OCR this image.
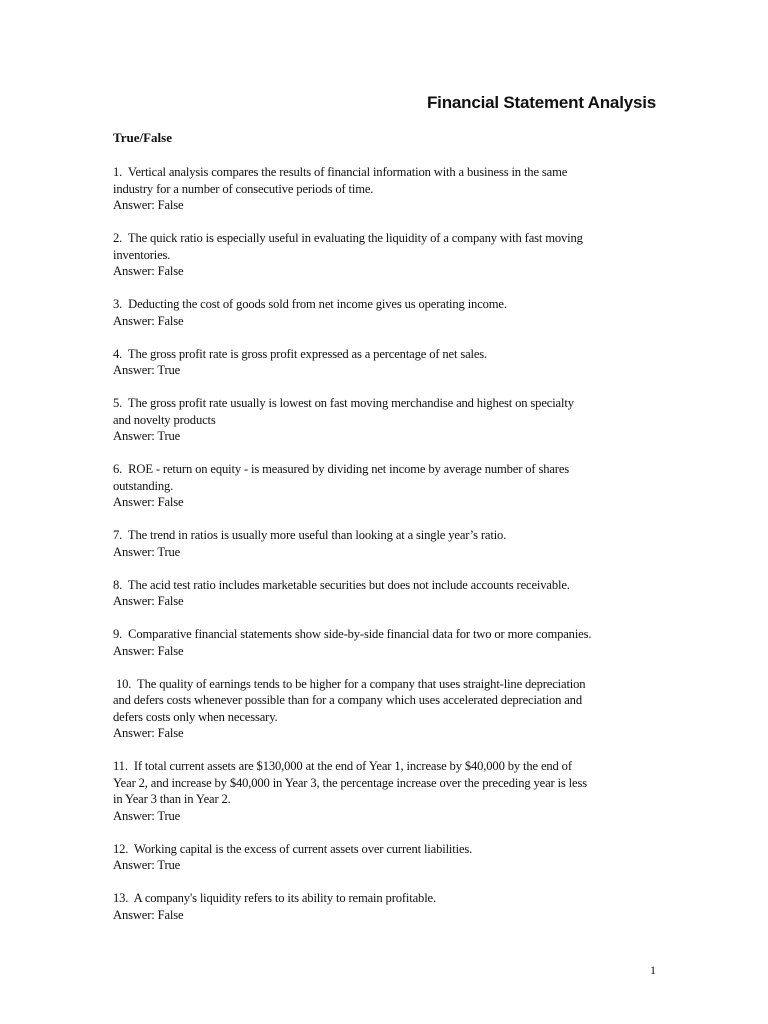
Financial Statement Analysis
True/False
1.  Vertical analysis compares the results of financial information with a business in the same
industry for a number of consecutive periods of time.
Answer: False
2.  The quick ratio is especially useful in evaluating the liquidity of a company with fast moving
inventories.
Answer: False
3.  Deducting the cost of goods sold from net income gives us operating income.
Answer: False
4.  The gross profit rate is gross profit expressed as a percentage of net sales.
Answer: True
5.  The gross profit rate usually is lowest on fast moving merchandise and highest on specialty
and novelty products
Answer: True
6.  ROE - return on equity - is measured by dividing net income by average number of shares
outstanding.
Answer: False
7.  The trend in ratios is usually more useful than looking at a single year’s ratio.
Answer: True
8.  The acid test ratio includes marketable securities but does not include accounts receivable.
Answer: False
9.  Comparative financial statements show side-by-side financial data for two or more companies.
Answer: False
10.  The quality of earnings tends to be higher for a company that uses straight-line depreciation
and defers costs whenever possible than for a company which uses accelerated depreciation and
defers costs only when necessary.
Answer: False
11.  If total current assets are $130,000 at the end of Year 1, increase by $40,000 by the end of
Year 2, and increase by $40,000 in Year 3, the percentage increase over the preceding year is less
in Year 3 than in Year 2.
Answer: True
12.  Working capital is the excess of current assets over current liabilities.
Answer: True
13.  A company's liquidity refers to its ability to remain profitable.
Answer: False
1
